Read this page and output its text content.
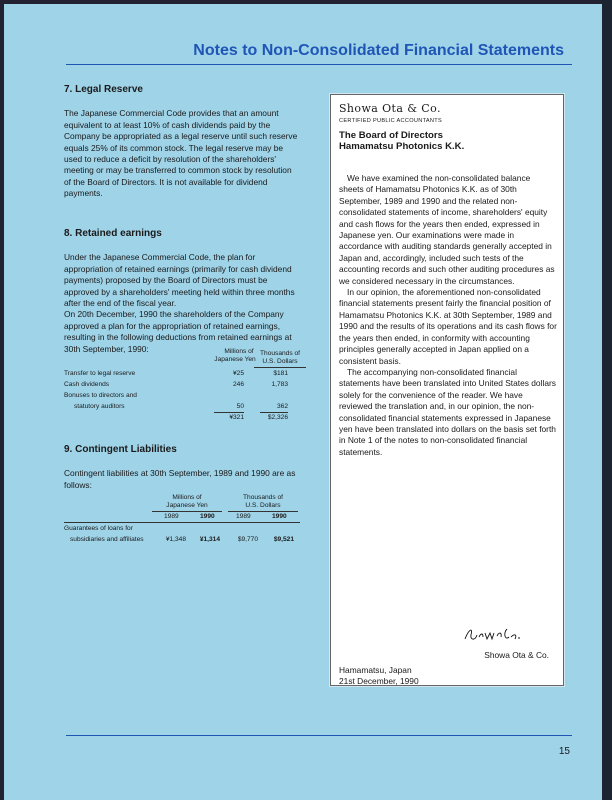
Notes to Non-Consolidated Financial Statements
7. Legal Reserve

The Japanese Commercial Code provides that an amount equivalent to at least 10% of cash dividends paid by the Company be appropriated as a legal reserve until such reserve equals 25% of its common stock. The legal reserve may be used to reduce a deficit by resolution of the shareholders' meeting or may be transferred to common stock by resolution of the Board of Directors. It is not available for dividend payments.

8. Retained earnings

Under the Japanese Commercial Code, the plan for appropriation of retained earnings (primarily for cash dividend payments) proposed by the Board of Directors must be approved by a shareholders' meeting held within three months after the end of the fiscal year.

On 20th December, 1990 the shareholders of the Company approved a plan for the appropriation of retained earnings, resulting in the following deductions from retained earnings at 30th September, 1990:	Millions of
Japanese Yen
Thousands of
U.S. Dollars
Transfer to legal reserve	¥25	$181
Cash dividends	246	1,783
Bonuses to directors and
statutory auditors	50	362
¥321	$2,326
9. Contingent Liabilities

Contingent liabilities at 30th September, 1989 and 1990 are as follows:

Millions of
Japanese Yen
Thousands of
U.S. Dollars
1989	1990	1989	1990
Guarantees of loans for
subsidiaries and affiliates	¥1,348	¥1,314	$9,770	$9,521
Showa Ota & Co.
CERTIFIED PUBLIC ACCOUNTANTS
The Board of Directors
Hamamatsu Photonics K.K.

We have examined the non-consolidated balance sheets of Hamamatsu Photonics K.K. as of 30th September, 1989 and 1990 and the related non-consolidated statements of income, shareholders' equity and cash flows for the years then ended, expressed in Japanese yen. Our examinations were made in accordance with auditing standards generally accepted in Japan and, accordingly, included such tests of the accounting records and such other auditing procedures as we considered necessary in the circumstances.

In our opinion, the aforementioned non-consolidated financial statements present fairly the financial position of Hamamatsu Photonics K.K. at 30th September, 1989 and 1990 and the results of its operations and its cash flows for the years then ended, in conformity with accounting principles generally accepted in Japan applied on a consistent basis.

The accompanying non-consolidated financial statements have been translated into United States dollars solely for the convenience of the reader. We have reviewed the translation and, in our opinion, the non-consolidated financial statements expressed in Japanese yen have been translated into dollars on the basis set forth in Note 1 of the notes to non-consolidated financial statements.

Showa Ota & Co.
Hamamatsu, Japan
21st December, 1990
15
